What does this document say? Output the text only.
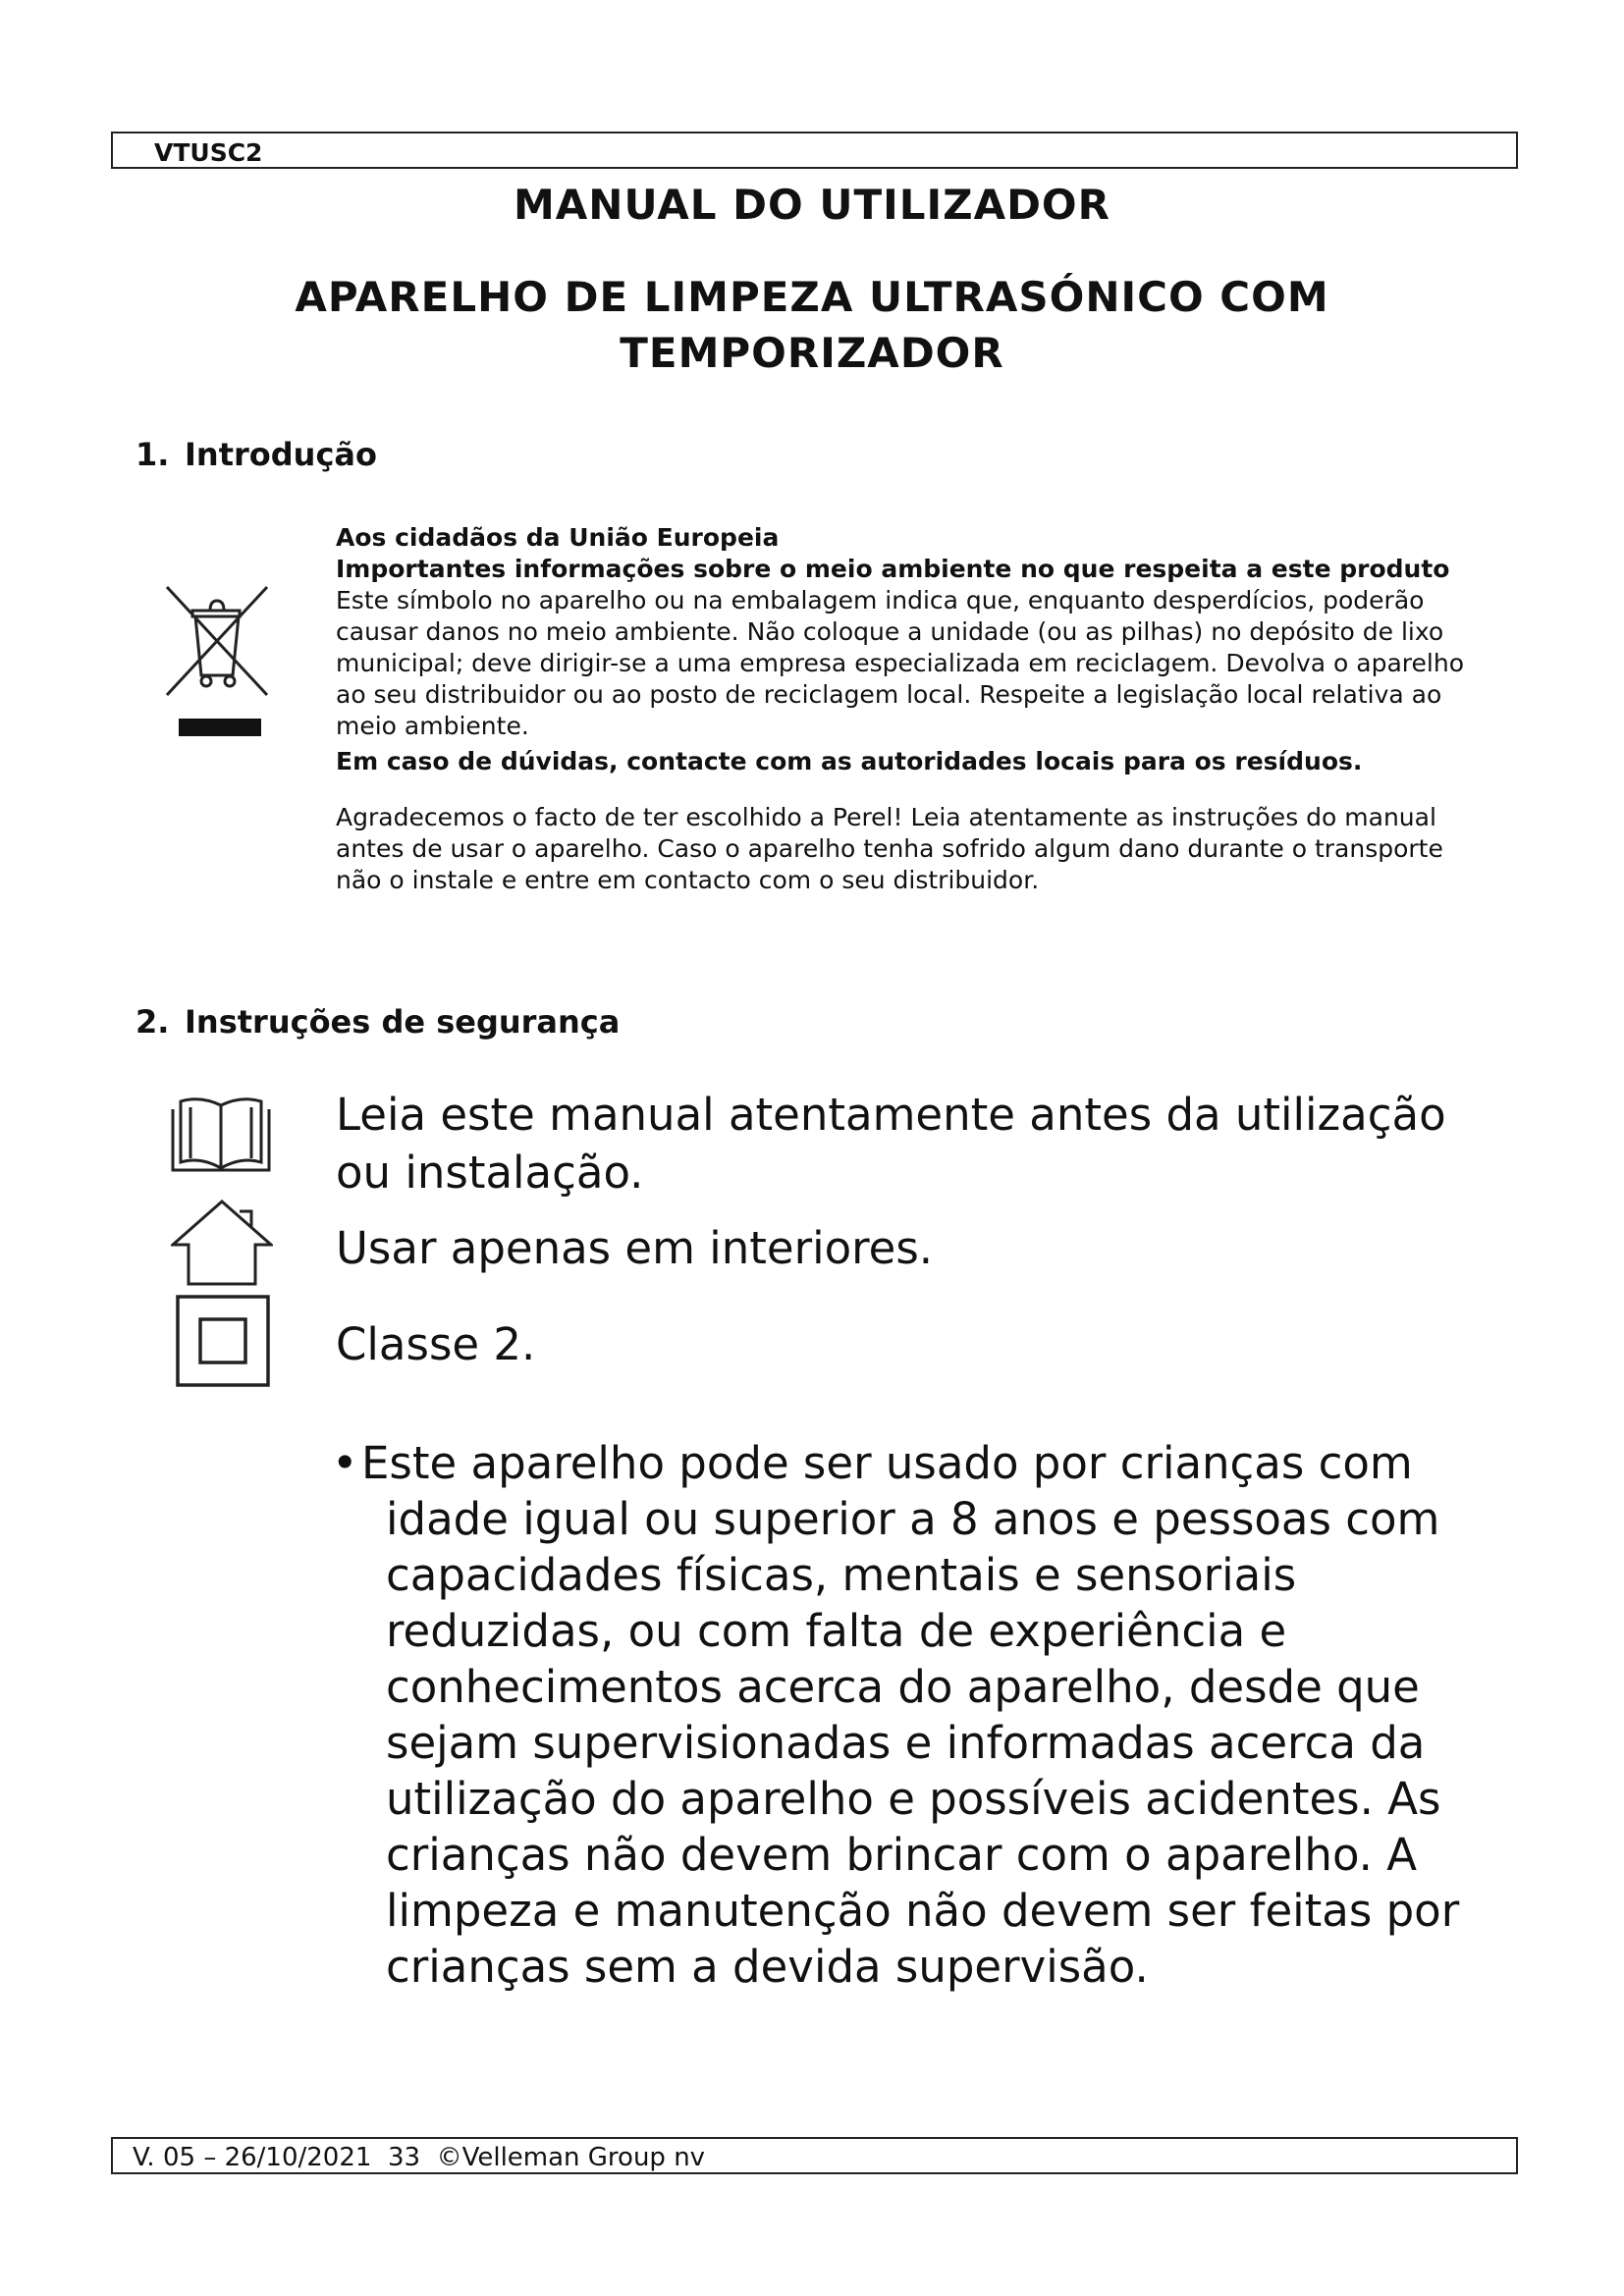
VTUSC2
MANUAL DO UTILIZADOR
APARELHO DE LIMPEZA ULTRASÓNICO COM TEMPORIZADOR
1. Introdução

Aos cidadãos da União Europeia

Importantes informações sobre o meio ambiente no que respeita a este produto

Este símbolo no aparelho ou na embalagem indica que, enquanto desperdícios, poderão causar danos no meio ambiente. Não coloque a unidade (ou as pilhas) no depósito de lixo municipal; deve dirigir-se a uma empresa especializada em reciclagem. Devolva o aparelho ao seu distribuidor ou ao posto de reciclagem local. Respeite a legislação local relativa ao meio ambiente.

Em caso de dúvidas, contacte com as autoridades locais para os resíduos.

Agradecemos o facto de ter escolhido a Perel! Leia atentamente as instruções do manual antes de usar o aparelho. Caso o aparelho tenha sofrido algum dano durante o transporte não o instale e entre em contacto com o seu distribuidor.

2. Instruções de segurança

Leia este manual atentamente antes da utilização ou instalação.

Usar apenas em interiores.

Classe 2.

• Este aparelho pode ser usado por crianças com idade igual ou superior a 8 anos e pessoas com capacidades físicas, mentais e sensoriais reduzidas, ou com falta de experiência e conhecimentos acerca do aparelho, desde que sejam supervisionadas e informadas acerca da utilização do aparelho e possíveis acidentes. As crianças não devem brincar com o aparelho. A limpeza e manutenção não devem ser feitas por crianças sem a devida supervisão.
V. 05 – 26/10/2021  33  ©Velleman Group nv
